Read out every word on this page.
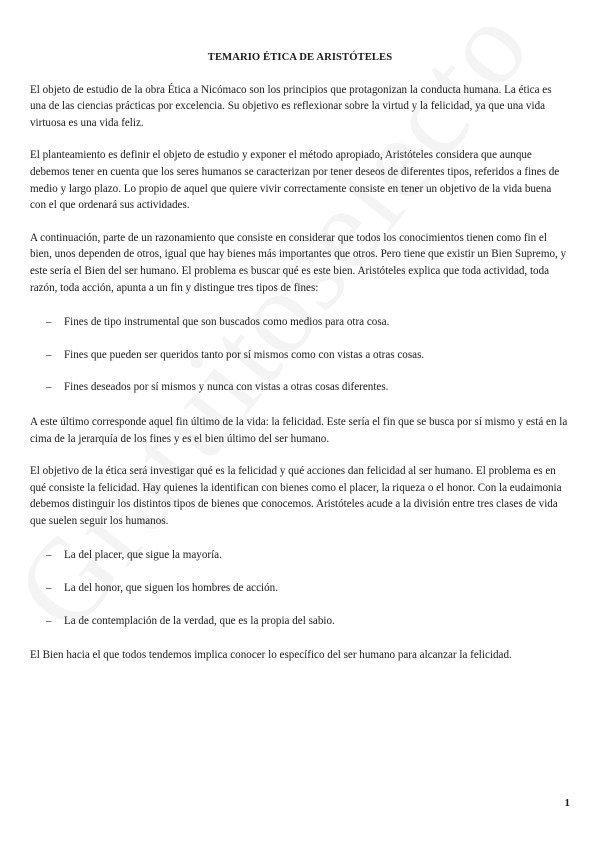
TEMARIO ÉTICA DE ARISTÓTELES

El objeto de estudio de la obra Ética a Nicómaco son los principios que protagonizan la conducta humana. La ética es una de las ciencias prácticas por excelencia. Su objetivo es reflexionar sobre la virtud y la felicidad, ya que una vida virtuosa es una vida feliz.

El planteamiento es definir el objeto de estudio y exponer el método apropiado, Aristóteles considera que aunque debemos tener en cuenta que los seres humanos se caracterizan por tener deseos de diferentes tipos, referidos a fines de medio y largo plazo. Lo propio de aquel que quiere vivir correctamente consiste en tener un objetivo de la vida buena con el que ordenará sus actividades.

A continuación, parte de un razonamiento que consiste en considerar que todos los conocimientos tienen como fin el bien, unos dependen de otros, igual que hay bienes más importantes que otros. Pero tiene que existir un Bien Supremo, y este sería el Bien del ser humano. El problema es buscar qué es este bien. Aristóteles explica que toda actividad, toda razón, toda acción, apunta a un fin y distingue tres tipos de fines:

– Fines de tipo instrumental que son buscados como medios para otra cosa.
– Fines que pueden ser queridos tanto por sí mismos como con vistas a otras cosas.
– Fines deseados por sí mismos y nunca con vistas a otras cosas diferentes.

A este último corresponde aquel fin último de la vida: la felicidad. Este sería el fin que se busca por sí mismo y está en la cima de la jerarquía de los fines y es el bien último del ser humano.

El objetivo de la ética será investigar qué es la felicidad y qué acciones dan felicidad al ser humano. El problema es en qué consiste la felicidad. Hay quienes la identifican con bienes como el placer, la riqueza o el honor. Con la eudaimonia debemos distinguir los distintos tipos de bienes que conocemos. Aristóteles acude a la división entre tres clases de vida que suelen seguir los humanos.

– La del placer, que sigue la mayoría.
– La del honor, que siguen los hombres de acción.
– La de contemplación de la verdad, que es la propia del sabio.

El Bien hacia el que todos tendemos implica conocer lo específico del ser humano para alcanzar la felicidad.

1
